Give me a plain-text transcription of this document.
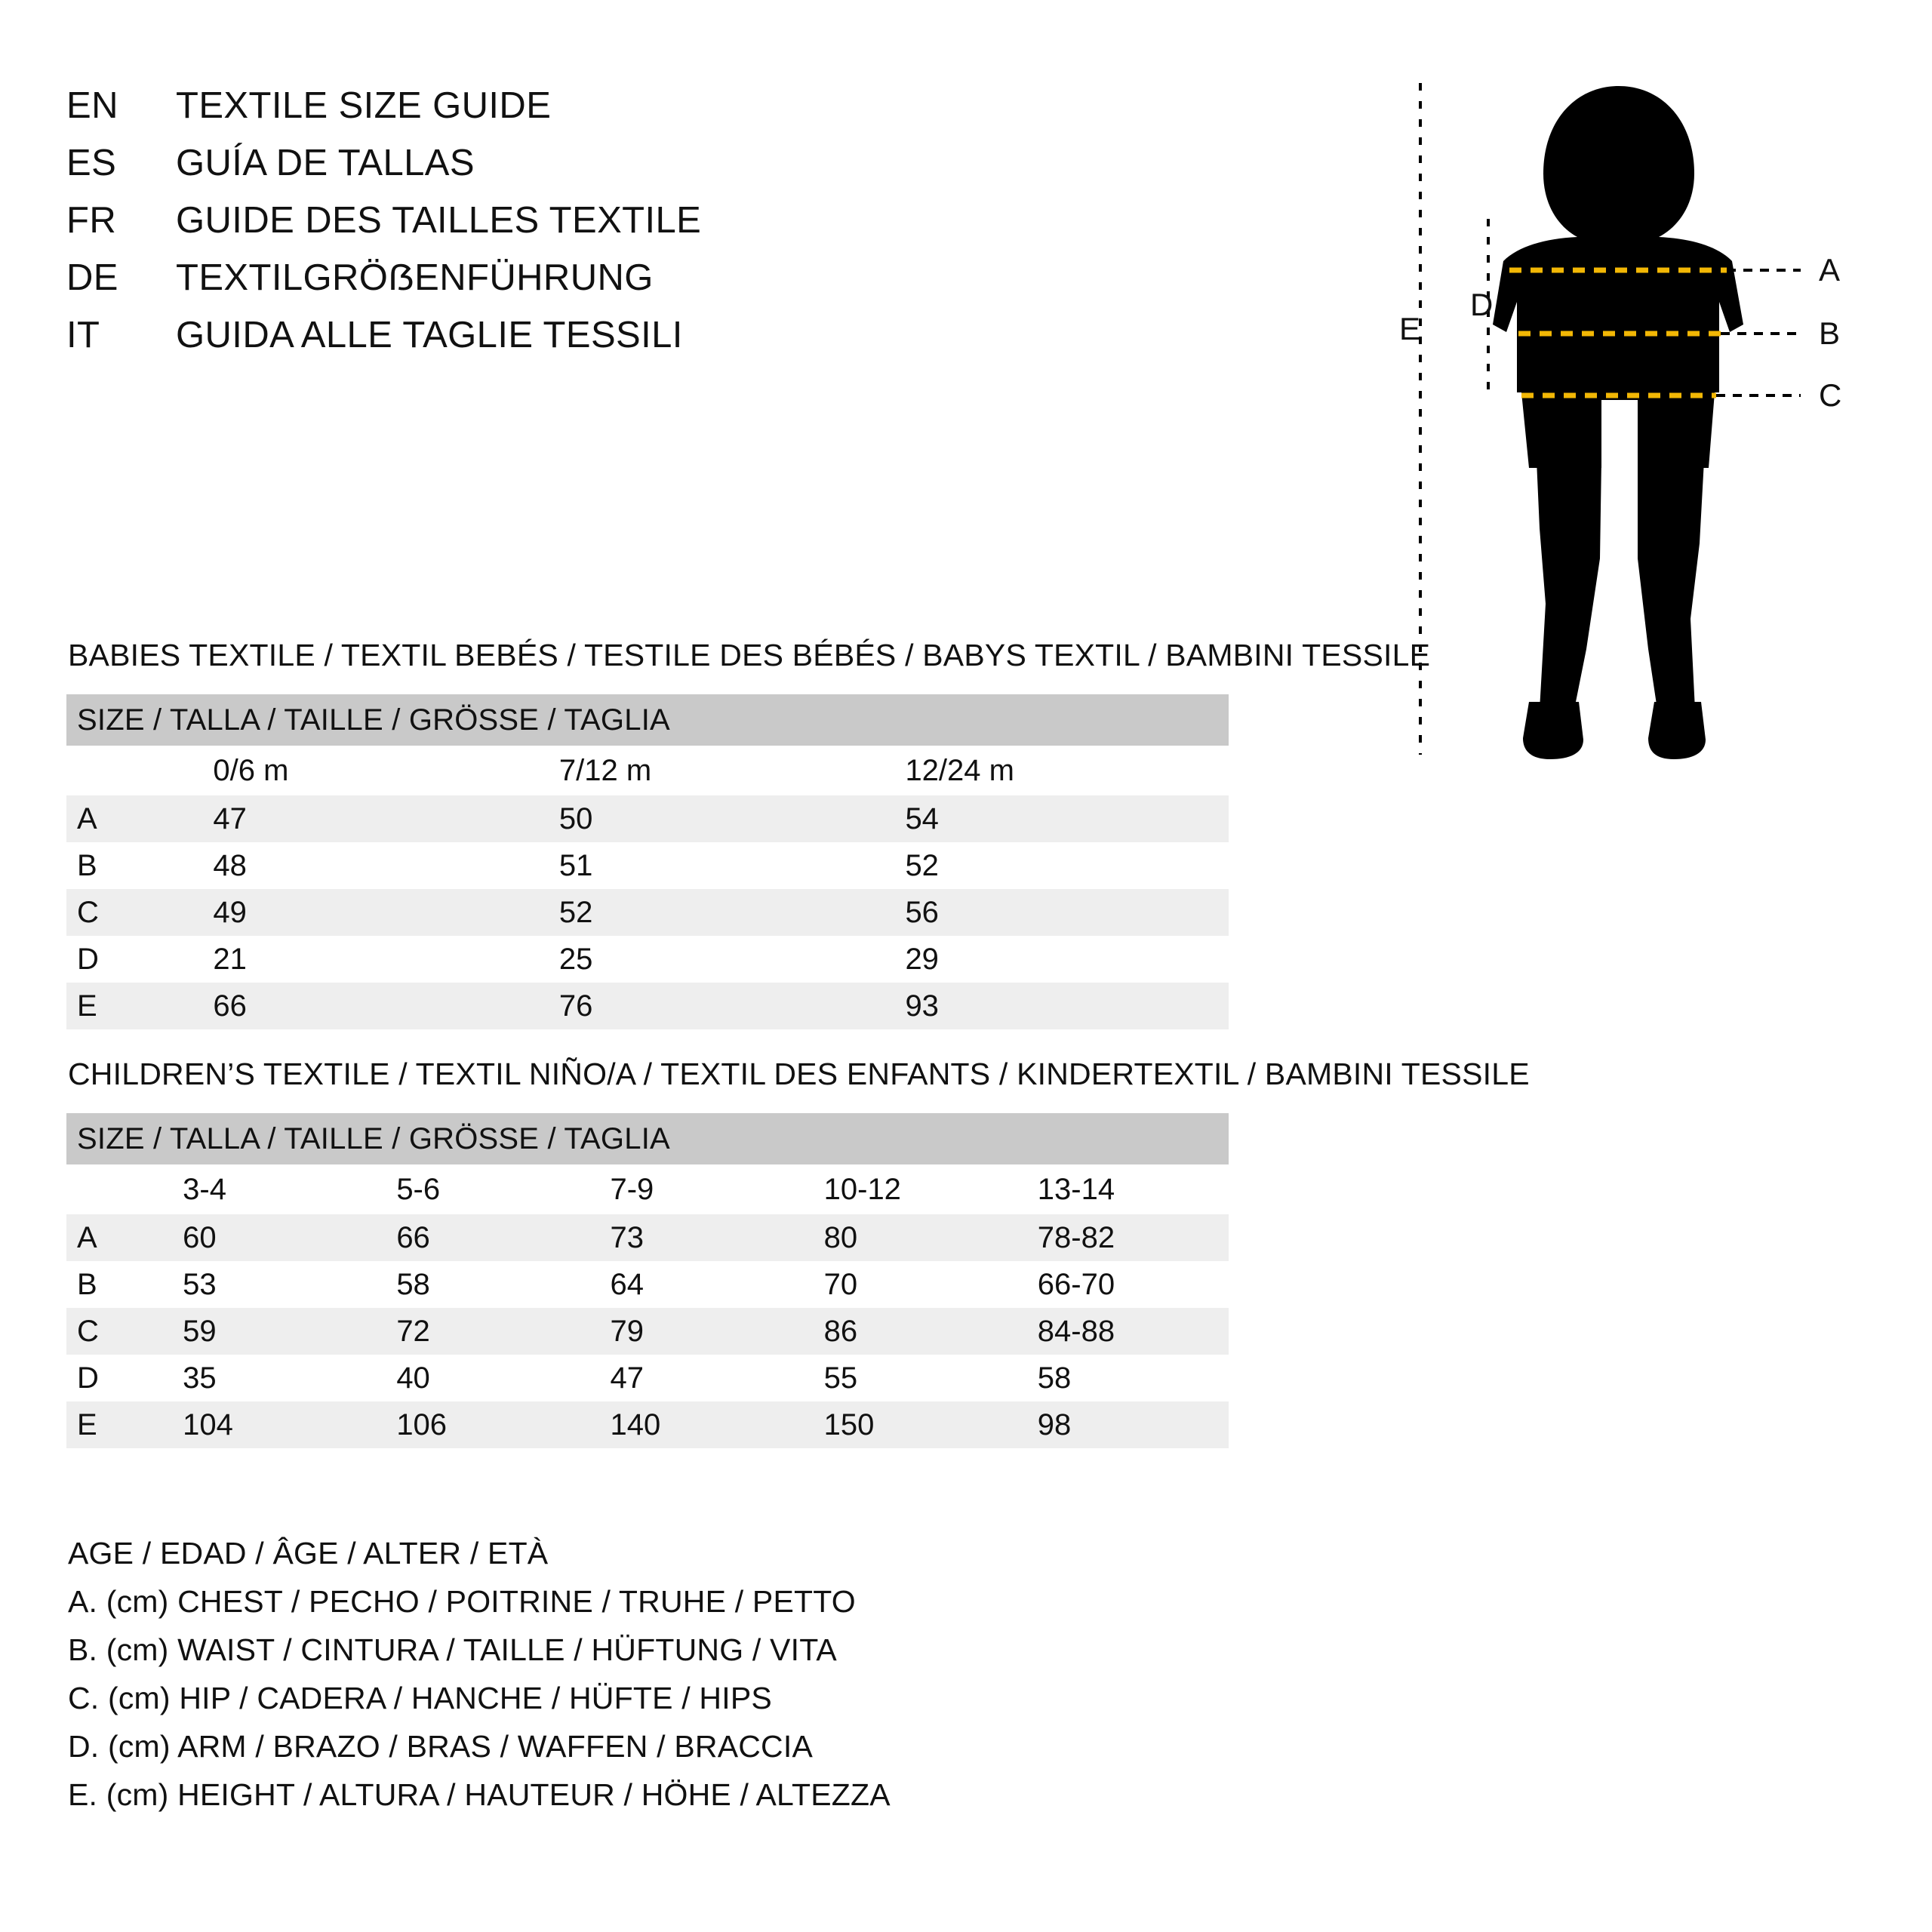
EN	TEXTILE SIZE GUIDE
ES	GUÍA DE TALLAS
FR	GUIDE DES TAILLES TEXTILE
DE	TEXTILGRÖẞENFÜHRUNG
IT	GUIDA ALLE TAGLIE TESSILI
A
B
C
D
E
BABIES TEXTILE / TEXTIL BEBÉS / TESTILE DES BÉBÉS / BABYS TEXTIL / BAMBINI TESSILE
SIZE / TALLA / TAILLE / GRÖSSE / TAGLIA			
	0/6 m	7/12 m	12/24 m
A	47	50	54
B	48	51	52
C	49	52	56
D	21	25	29
E	66	76	93
CHILDREN’S TEXTILE / TEXTIL NIÑO/A / TEXTIL DES ENFANTS / KINDERTEXTIL / BAMBINI TESSILE
SIZE / TALLA / TAILLE / GRÖSSE / TAGLIA					
	3-4	5-6	7-9	10-12	13-14
A	60	66	73	80	78-82
B	53	58	64	70	66-70
C	59	72	79	86	84-88
D	35	40	47	55	58
E	104	106	140	150	98
AGE / EDAD / ÂGE / ALTER / ETÀ
A. (cm) CHEST / PECHO / POITRINE / TRUHE / PETTO
B. (cm) WAIST / CINTURA / TAILLE / HÜFTUNG / VITA
C. (cm) HIP / CADERA / HANCHE / HÜFTE / HIPS
D. (cm) ARM / BRAZO / BRAS / WAFFEN / BRACCIA
E. (cm) HEIGHT / ALTURA / HAUTEUR / HÖHE / ALTEZZA
